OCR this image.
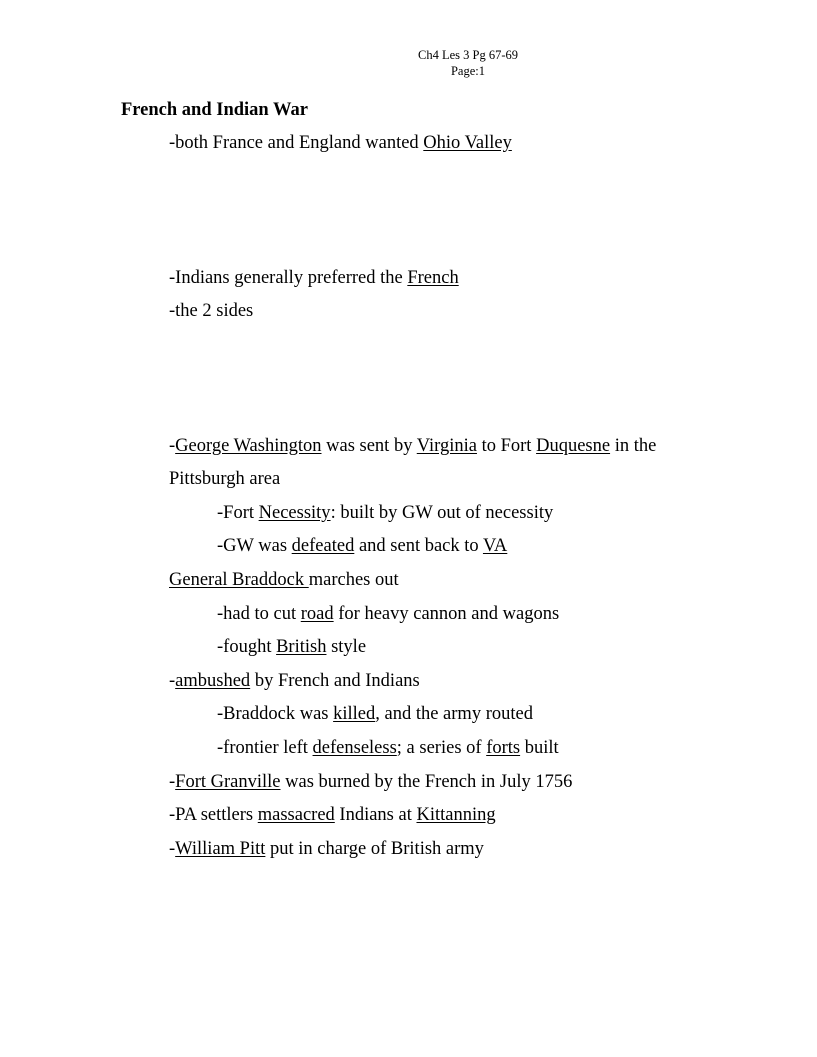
Ch4 Les 3 Pg 67-69
Page:1
French and Indian War
-both France and England wanted Ohio Valley
-Indians generally preferred the French
-the 2 sides
-George Washington was sent by Virginia to Fort Duquesne in the
Pittsburgh area
-Fort Necessity: built by GW out of necessity
-GW was defeated and sent back to VA
General Braddock marches out
-had to cut road for heavy cannon and wagons
-fought British style
-ambushed by French and Indians
-Braddock was killed, and the army routed
-frontier left defenseless; a series of forts built
-Fort Granville was burned by the French in July 1756
-PA settlers massacred Indians at Kittanning
-William Pitt put in charge of British army
